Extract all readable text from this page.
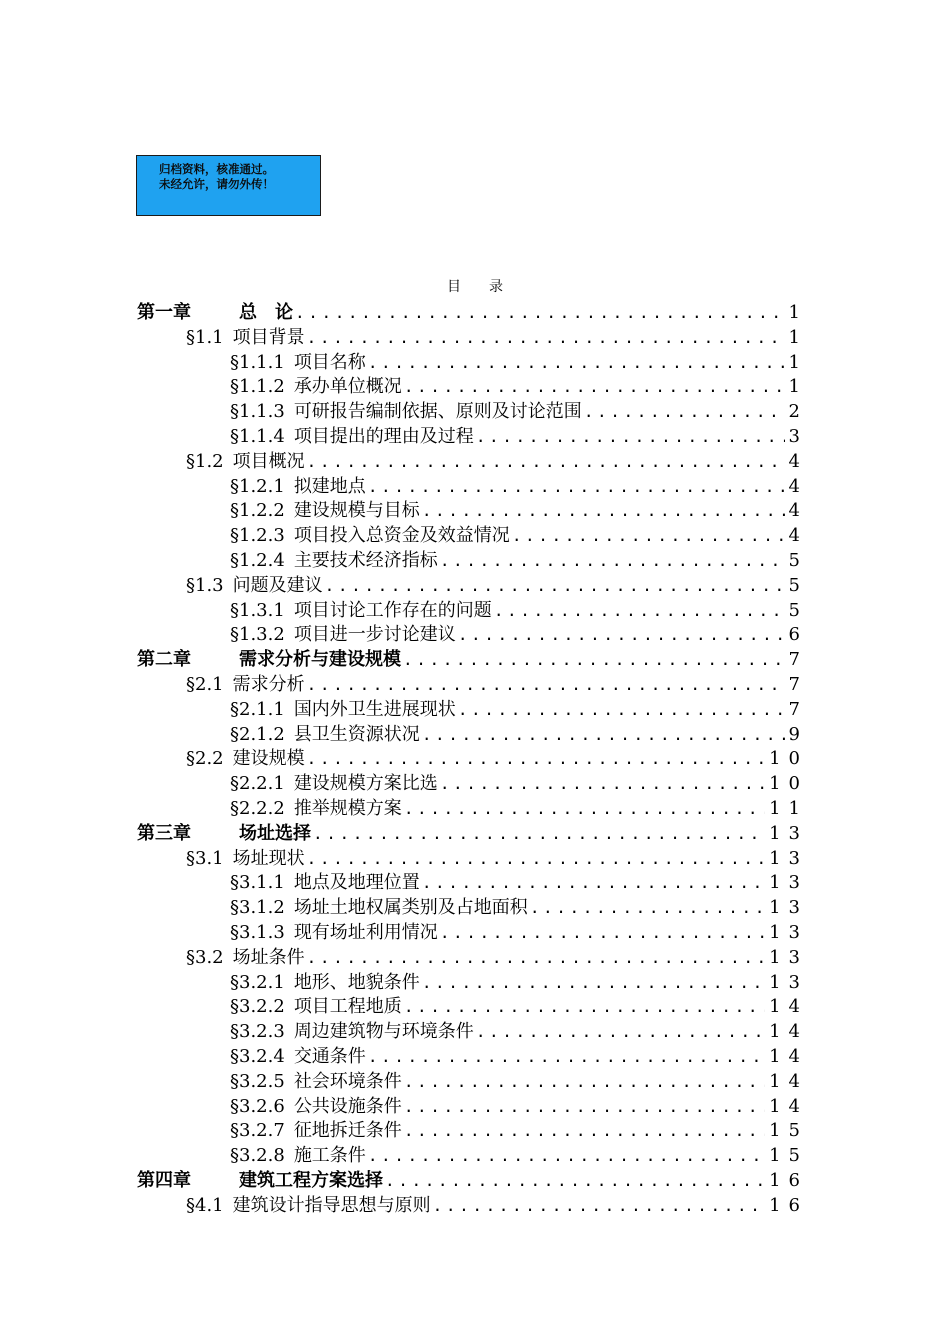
归档资料，核准通过。
未经允许，请勿外传！
目录
第一章	总　论 .....	1
§1.1 项目背景 .....	1
§1.1.1 项目名称 .....	1
§1.1.2 承办单位概况 .....	1
§1.1.3 可研报告编制依据、原则及讨论范围 .....	2
§1.1.4 项目提出的理由及过程 .....	3
§1.2 项目概况 .....	4
§1.2.1 拟建地点 .....	4
§1.2.2 建设规模与目标 .....	4
§1.2.3 项目投入总资金及效益情况 .....	4
§1.2.4 主要技术经济指标 .....	5
§1.3 问题及建议 .....	5
§1.3.1 项目讨论工作存在的问题 .....	5
§1.3.2 项目进一步讨论建议 .....	6
第二章	需求分析与建设规模 .....	7
§2.1 需求分析 .....	7
§2.1.1 国内外卫生进展现状 .....	7
§2.1.2 县卫生资源状况 .....	9
§2.2 建设规模 .....	10
§2.2.1 建设规模方案比选 .....	10
§2.2.2 推举规模方案 .....	11
第三章	场址选择 .....	13
§3.1 场址现状 .....	13
§3.1.1 地点及地理位置 .....	13
§3.1.2 场址土地权属类别及占地面积 .....	13
§3.1.3 现有场址利用情况 .....	13
§3.2 场址条件 .....	13
§3.2.1 地形、地貌条件 .....	13
§3.2.2 项目工程地质 .....	14
§3.2.3 周边建筑物与环境条件 .....	14
§3.2.4 交通条件 .....	14
§3.2.5 社会环境条件 .....	14
§3.2.6 公共设施条件 .....	14
§3.2.7 征地拆迁条件 .....	15
§3.2.8 施工条件 .....	15
第四章	建筑工程方案选择 .....	16
§4.1 建筑设计指导思想与原则 .....	16
